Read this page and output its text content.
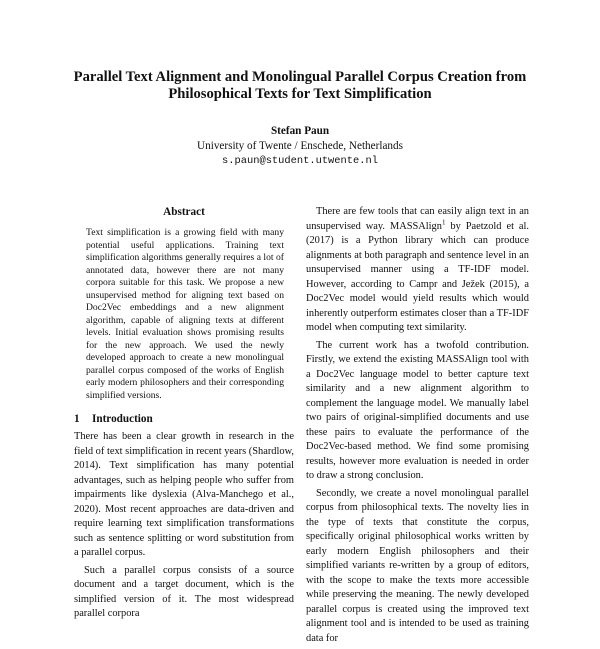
Parallel Text Alignment and Monolingual Parallel Corpus Creation from
Philosophical Texts for Text Simplification
Stefan Paun
University of Twente / Enschede, Netherlands
s.paun@student.utwente.nl
Abstract
Text simplification is a growing field with many potential useful applications. Training text simplification algorithms generally requires a lot of annotated data, however there are not many corpora suitable for this task. We propose a new unsupervised method for aligning text based on Doc2Vec embeddings and a new alignment algorithm, capable of aligning texts at different levels. Initial evaluation shows promising results for the new approach. We used the newly developed approach to create a new monolingual parallel corpus composed of the works of English early modern philosophers and their corresponding simplified versions.
1 Introduction

There has been a clear growth in research in the field of text simplification in recent years (Shardlow, 2014). Text simplification has many potential advantages, such as helping people who suffer from impairments like dyslexia (Alva-Manchego et al., 2020). Most recent approaches are data-driven and require learning text simplification transformations such as sentence splitting or word substitution from a parallel corpus.

Such a parallel corpus consists of a source document and a target document, which is the simplified version of it. The most widespread parallel corpora

There are few tools that can easily align text in an unsupervised way. MASSAlign$^1$ by Paetzold et al. (2017) is a Python library which can produce alignments at both paragraph and sentence level in an unsupervised manner using a TF-IDF model. However, according to Campr and Ježek (2015), a Doc2Vec model would yield results which would inherently outperform estimates closer than a TF-IDF model when computing text similarity.

The current work has a twofold contribution. Firstly, we extend the existing MASSAlign tool with a Doc2Vec language model to better capture text similarity and a new alignment algorithm to complement the language model. We manually label two pairs of original-simplified documents and use these pairs to evaluate the performance of the Doc2Vec-based method. We find some promising results, however more evaluation is needed in order to draw a strong conclusion.

Secondly, we create a novel monolingual parallel corpus from philosophical texts. The novelty lies in the type of texts that constitute the corpus, specifically original philosophical works written by early modern English philosophers and their simplified variants re-written by a group of editors, with the scope to make the texts more accessible while preserving the meaning. The newly developed parallel corpus is created using the improved text alignment tool and is intended to be used as training data for
